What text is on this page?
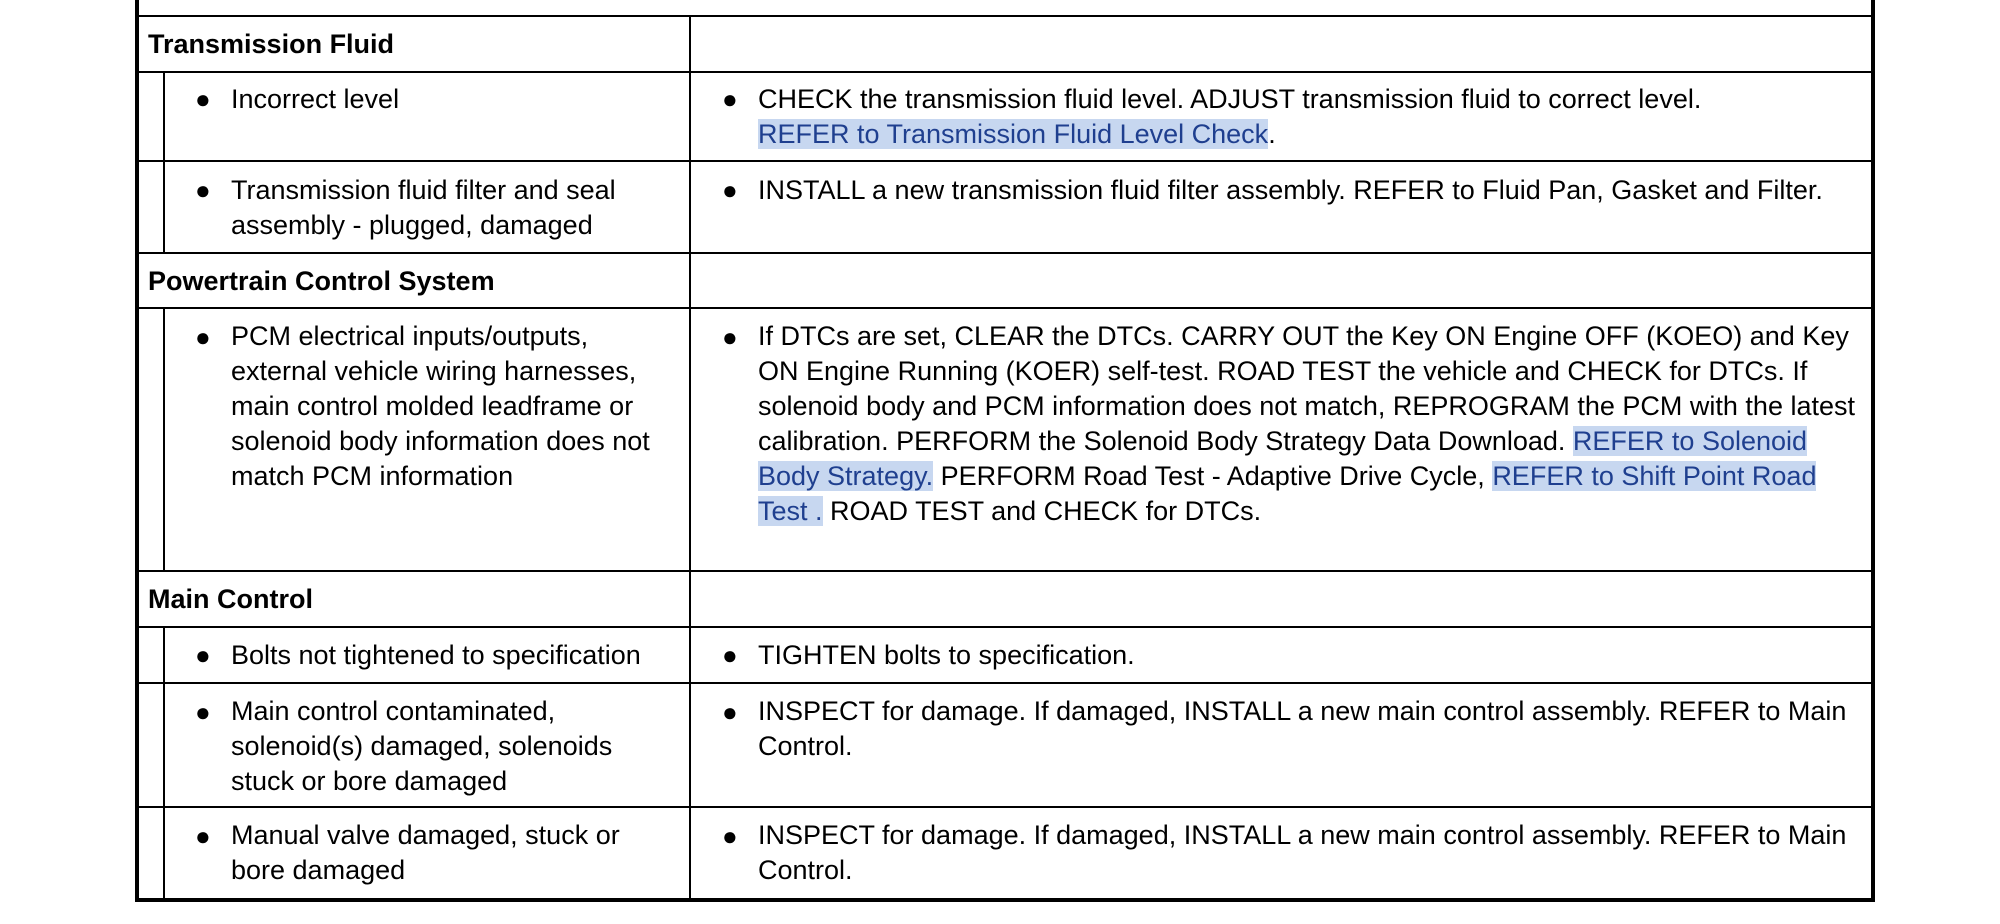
Transmission Fluid
● Incorrect level	● CHECK the transmission fluid level. ADJUST transmission fluid to correct level.
REFER to Transmission Fluid Level Check.
● Transmission fluid filter and seal assembly - plugged, damaged
● INSTALL a new transmission fluid filter assembly. REFER to Fluid Pan, Gasket and Filter.
Powertrain Control System
● PCM electrical inputs/outputs, external vehicle wiring harnesses, main control molded leadframe or solenoid body information does not match PCM information
● If DTCs are set, CLEAR the DTCs. CARRY OUT the Key ON Engine OFF (KOEO) and Key ON Engine Running (KOER) self-test. ROAD TEST the vehicle and CHECK for DTCs. If solenoid body and PCM information does not match, REPROGRAM the PCM with the latest calibration. PERFORM the Solenoid Body Strategy Data Download. REFER to Solenoid Body Strategy. PERFORM Road Test - Adaptive Drive Cycle, REFER to Shift Point Road Test . ROAD TEST and CHECK for DTCs.
Main Control
● Bolts not tightened to specification	● TIGHTEN bolts to specification.
● Main control contaminated, solenoid(s) damaged, solenoids stuck or bore damaged
● INSPECT for damage. If damaged, INSTALL a new main control assembly. REFER to Main Control.
● Manual valve damaged, stuck or bore damaged
● INSPECT for damage. If damaged, INSTALL a new main control assembly. REFER to Main Control.
